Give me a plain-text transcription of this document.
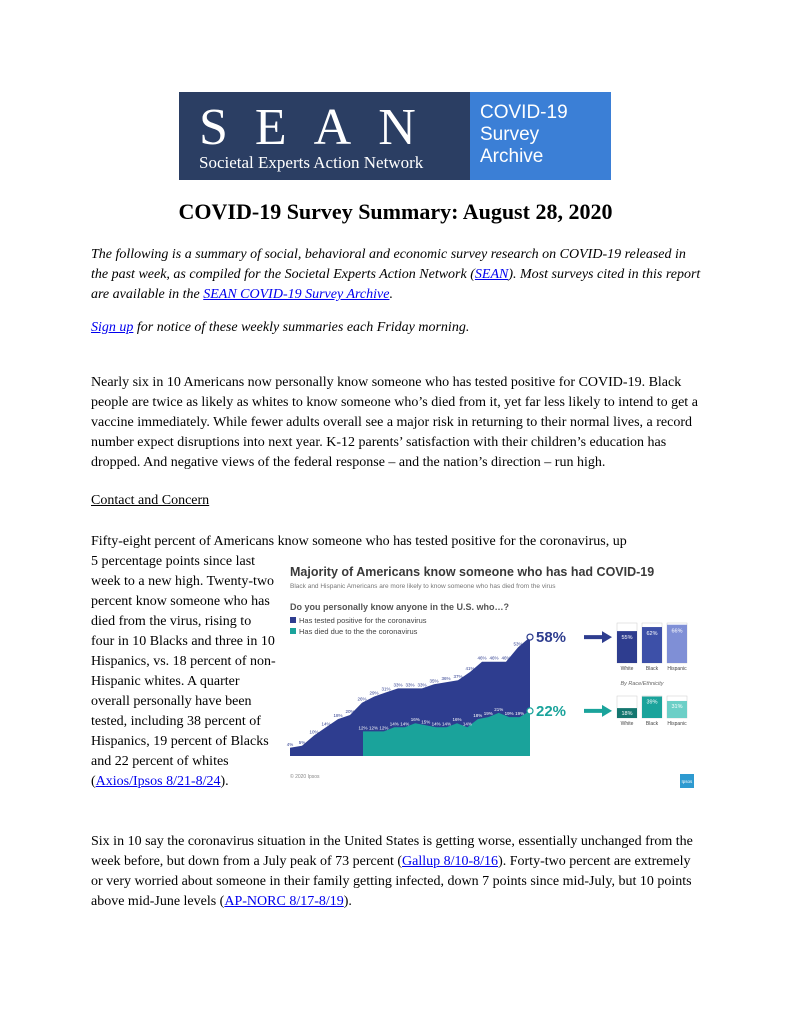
SEAN
Societal Experts Action Network
COVID-19
Survey
Archive
COVID-19 Survey Summary: August 28, 2020
The following is a summary of social, behavioral and economic survey research on COVID-19 released in the past week, as compiled for the Societal Experts Action Network (SEAN). Most surveys cited in this report are available in the SEAN COVID-19 Survey Archive.
Sign up for notice of these weekly summaries each Friday morning.
Nearly six in 10 Americans now personally know someone who has tested positive for COVID-19. Black people are twice as likely as whites to know someone who’s died from it, yet far less likely to intend to get a vaccine immediately. While fewer adults overall see a major risk in returning to their normal lives, a record number expect disruptions into next year. K-12 parents’ satisfaction with their children’s education has dropped. And negative views of the federal response – and the nation’s direction – run high.
Contact and Concern
Fifty-eight percent of Americans know someone who has tested positive for the coronavirus, up
5 percentage points since last week to a new high. Twenty-two percent know someone who has died from the virus, rising to four in 10 Blacks and three in 10 Hispanics, vs. 18 percent of non-Hispanic whites. A quarter overall personally have been tested, including 38 percent of Hispanics, 19 percent of Blacks and 22 percent of whites (Axios/Ipsos 8/21-8/24).
Majority of Americans know someone who has had COVID-19
Black and Hispanic Americans are more likely to know someone who has died from the virus
Do you personally know anyone in the U.S. who…?
Has tested positive for the coronavirus
Has died due to the the coronavirus
4% 5%
10%
14%
18%
20%
26%
29%
31%
33% 33% 33%
35% 36% 37%
41%
46% 46% 46%
53%
12% 12% 12%
14% 14%
16% 15% 14% 14%
16%
14%
18% 19%
21%
19% 19%
58%
22%
55%
White
18%
White
62%
Black
39%
Black
66%
Hispanic
31%
Hispanic
By Race/Ethnicity
© 2020 Ipsos
Ipsos
Six in 10 say the coronavirus situation in the United States is getting worse, essentially unchanged from the week before, but down from a July peak of 73 percent (Gallup 8/10-8/16). Forty-two percent are extremely or very worried about someone in their family getting infected, down 7 points since mid-July, but 10 points above mid-June levels (AP-NORC 8/17-8/19).
